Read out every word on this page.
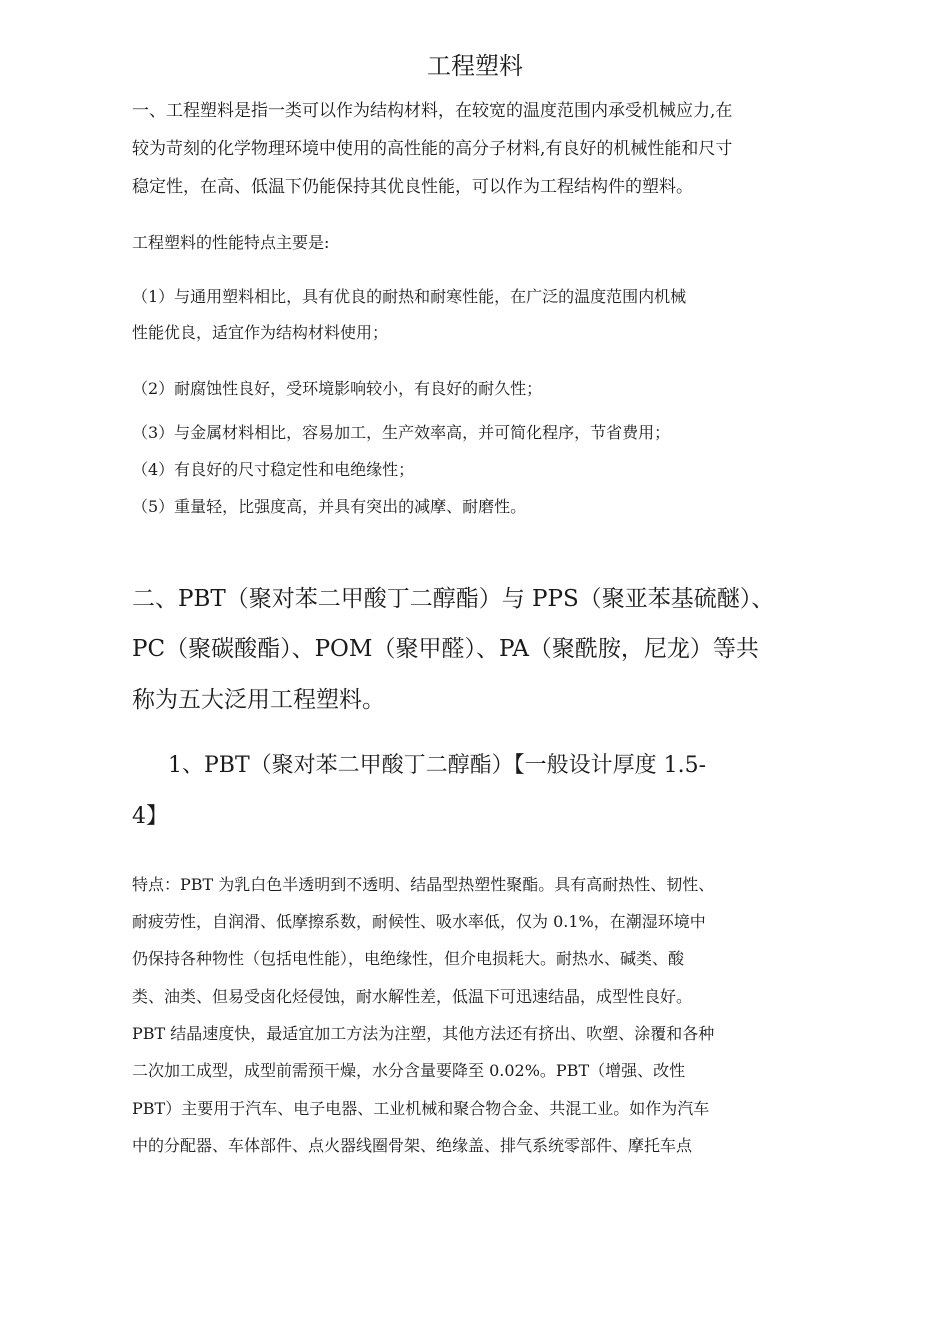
工程塑料

一、工程塑料是指一类可以作为结构材料，在较宽的温度范围内承受机械应力,在

较为苛刻的化学物理环境中使用的高性能的高分子材料,有良好的机械性能和尺寸

稳定性，在高、低温下仍能保持其优良性能，可以作为工程结构件的塑料。

工程塑料的性能特点主要是:

（1）与通用塑料相比，具有优良的耐热和耐寒性能，在广泛的温度范围内机械

性能优良，适宜作为结构材料使用；

（2）耐腐蚀性良好，受环境影响较小，有良好的耐久性；

（3）与金属材料相比，容易加工，生产效率高，并可简化程序，节省费用；

（4）有良好的尺寸稳定性和电绝缘性；

（5）重量轻，比强度高，并具有突出的减摩、耐磨性。

二、PBT（聚对苯二甲酸丁二醇酯）与 PPS（聚亚苯基硫醚）、
PC（聚碳酸酯）、POM（聚甲醛）、PA（聚酰胺，尼龙）等共
称为五大泛用工程塑料。
1、PBT（聚对苯二甲酸丁二醇酯）【一般设计厚度 1.5-
4】

特点：PBT 为乳白色半透明到不透明、结晶型热塑性聚酯。具有高耐热性、韧性、

耐疲劳性，自润滑、低摩擦系数，耐候性、吸水率低，仅为 0.1%，在潮湿环境中

仍保持各种物性（包括电性能），电绝缘性，但介电损耗大。耐热水、碱类、酸

类、油类、但易受卤化烃侵蚀，耐水解性差，低温下可迅速结晶，成型性良好。

PBT 结晶速度快，最适宜加工方法为注塑，其他方法还有挤出、吹塑、涂覆和各种

二次加工成型，成型前需预干燥，水分含量要降至 0.02%。PBT（增强、改性

PBT）主要用于汽车、电子电器、工业机械和聚合物合金、共混工业。如作为汽车

中的分配器、车体部件、点火器线圈骨架、绝缘盖、排气系统零部件、摩托车点
